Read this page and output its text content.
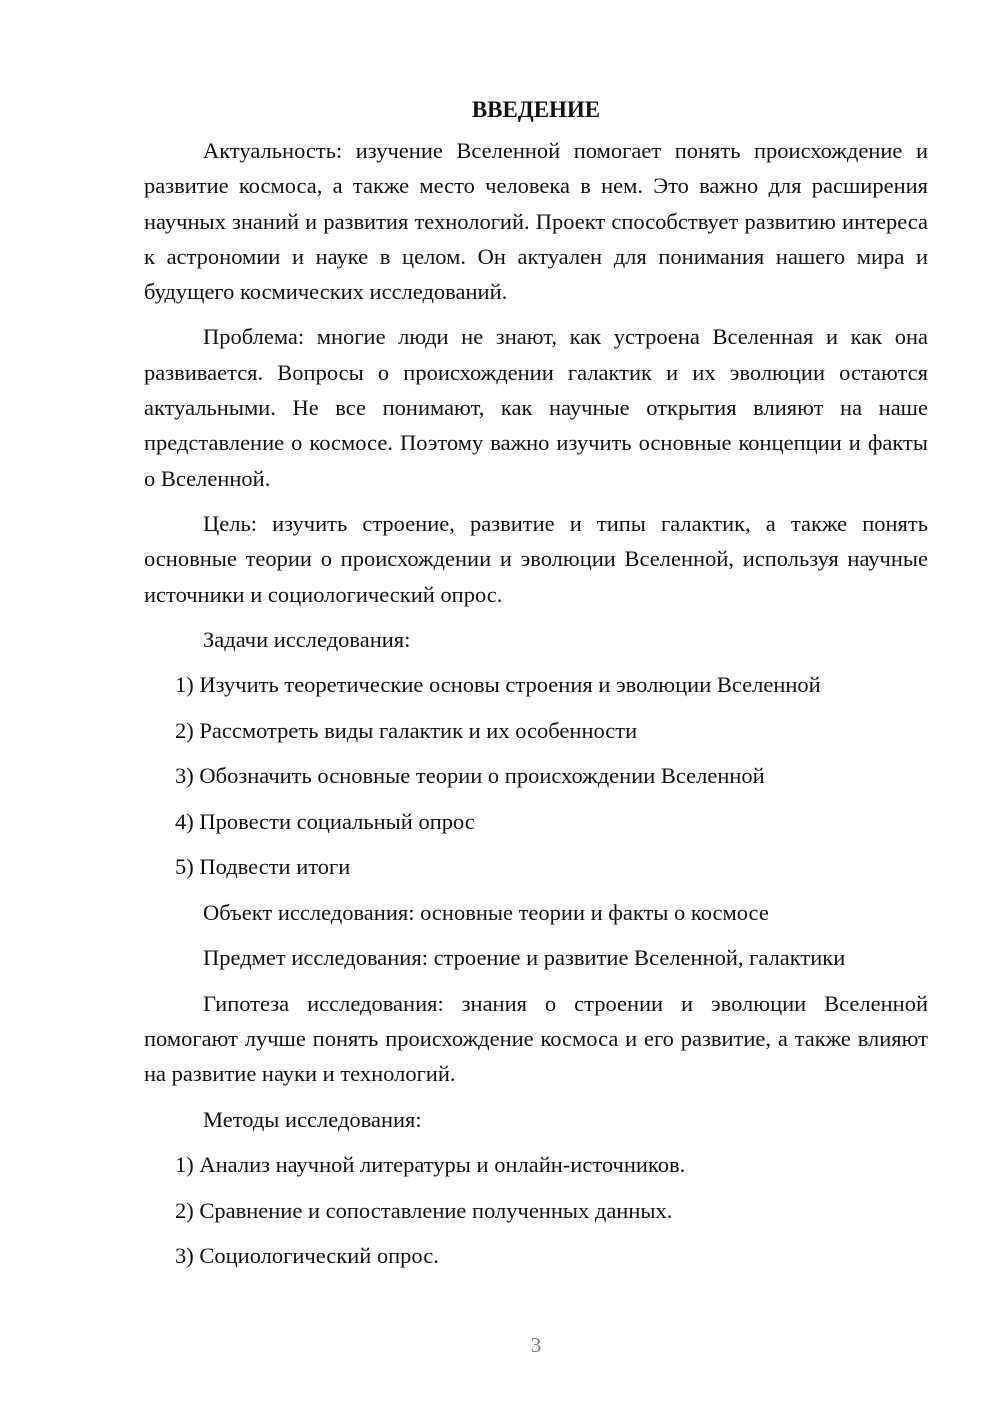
ВВЕДЕНИЕ

Актуальность: изучение Вселенной помогает понять происхождение и развитие космоса, а также место человека в нем. Это важно для расширения научных знаний и развития технологий. Проект способствует развитию интереса к астрономии и науке в целом. Он актуален для понимания нашего мира и будущего космических исследований.

Проблема: многие люди не знают, как устроена Вселенная и как она развивается. Вопросы о происхождении галактик и их эволюции остаются актуальными. Не все понимают, как научные открытия влияют на наше представление о космосе. Поэтому важно изучить основные концепции и факты о Вселенной.

Цель: изучить строение, развитие и типы галактик, а также понять основные теории о происхождении и эволюции Вселенной, используя научные источники и социологический опрос.

Задачи исследования:
1) Изучить теоретические основы строения и эволюции Вселенной
2) Рассмотреть виды галактик и их особенности
3) Обозначить основные теории о происхождении Вселенной
4) Провести социальный опрос
5) Подвести итоги
Объект исследования: основные теории и факты о космосе
Предмет исследования: строение и развитие Вселенной, галактики

Гипотеза исследования: знания о строении и эволюции Вселенной помогают лучше понять происхождение космоса и его развитие, а также влияют на развитие науки и технологий.

Методы исследования:
1) Анализ научной литературы и онлайн-источников.
2) Сравнение и сопоставление полученных данных.
3) Социологический опрос.
3
